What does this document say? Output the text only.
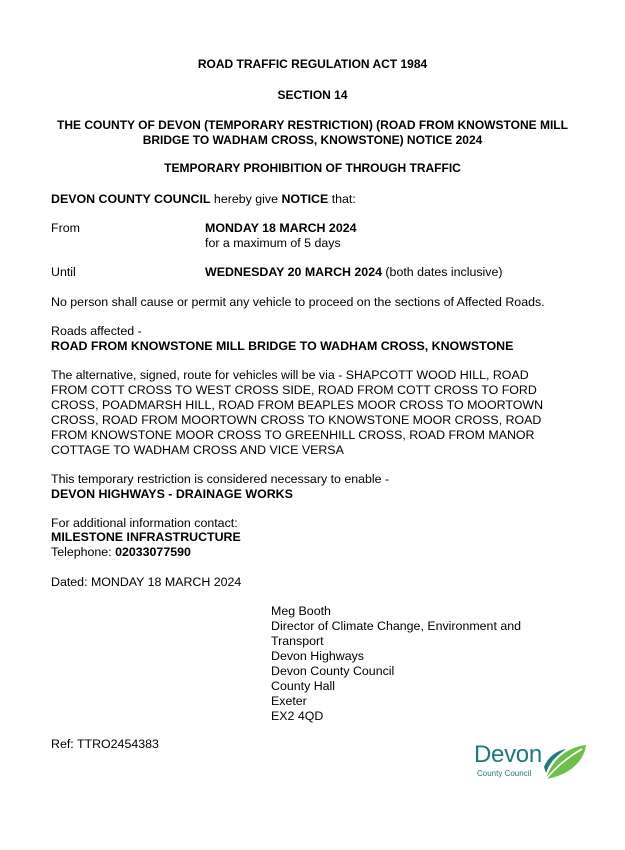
ROAD TRAFFIC REGULATION ACT 1984

SECTION 14

THE COUNTY OF DEVON (TEMPORARY RESTRICTION) (ROAD FROM KNOWSTONE MILL

BRIDGE TO WADHAM CROSS, KNOWSTONE) NOTICE 2024

TEMPORARY PROHIBITION OF THROUGH TRAFFIC

DEVON COUNTY COUNCIL hereby give NOTICE that:

From	MONDAY 18 MARCH 2024

for a maximum of 5 days

Until	WEDNESDAY 20 MARCH 2024 (both dates inclusive)

No person shall cause or permit any vehicle to proceed on the sections of Affected Roads.

Roads affected -

ROAD FROM KNOWSTONE MILL BRIDGE TO WADHAM CROSS, KNOWSTONE

The alternative, signed, route for vehicles will be via - SHAPCOTT WOOD HILL, ROAD
FROM COTT CROSS TO WEST CROSS SIDE, ROAD FROM COTT CROSS TO FORD
CROSS, POADMARSH HILL, ROAD FROM BEAPLES MOOR CROSS TO MOORTOWN
CROSS, ROAD FROM MOORTOWN CROSS TO KNOWSTONE MOOR CROSS, ROAD
FROM KNOWSTONE MOOR CROSS TO GREENHILL CROSS, ROAD FROM MANOR
COTTAGE TO WADHAM CROSS AND VICE VERSA

This temporary restriction is considered necessary to enable -

DEVON HIGHWAYS - DRAINAGE WORKS

For additional information contact:

MILESTONE INFRASTRUCTURE

Telephone: 02033077590

Dated: MONDAY 18 MARCH 2024

Meg Booth
Director of Climate Change, Environment and
Transport
Devon Highways
Devon County Council
County Hall
Exeter
EX2 4QD

Ref: TTRO2454383	Devon
County Council
